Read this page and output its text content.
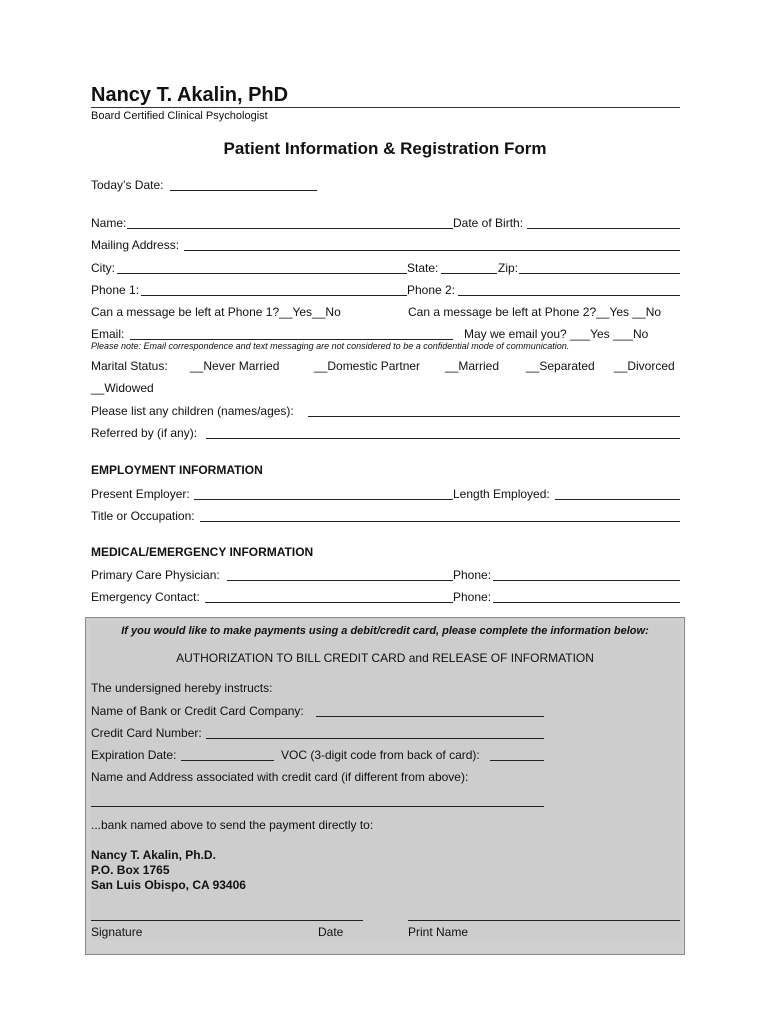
Nancy T. Akalin, PhD
Board Certified Clinical Psychologist
Patient Information & Registration Form
Today’s Date:
Name:	Date of Birth:
Mailing Address:
City:	State:	Zip:
Phone 1:	Phone 2:
Can a message be left at Phone 1?__Yes__No	Can a message be left at Phone 2?__Yes __No
Email:	May we email you? ___Yes ___No
Please note: Email correspondence and text messaging are not considered to be a confidential mode of communication.
Marital Status: __Never Married	__Domestic Partner __Married __Separated __Divorced
__Widowed
Please list any children (names/ages):
Referred by (if any):
EMPLOYMENT INFORMATION
Present Employer:	Length Employed:
Title or Occupation:
MEDICAL/EMERGENCY INFORMATION
Primary Care Physician:	Phone:
Emergency Contact:	Phone:
If you would like to make payments using a debit/credit card, please complete the information below:
AUTHORIZATION TO BILL CREDIT CARD and RELEASE OF INFORMATION
The undersigned hereby instructs:
Name of Bank or Credit Card Company:
Credit Card Number:
Expiration Date:	VOC (3-digit code from back of card):
Name and Address associated with credit card (if different from above):
...bank named above to send the payment directly to:
Nancy T. Akalin, Ph.D.
P.O. Box 1765
San Luis Obispo, CA 93406
Signature	Date	Print Name
